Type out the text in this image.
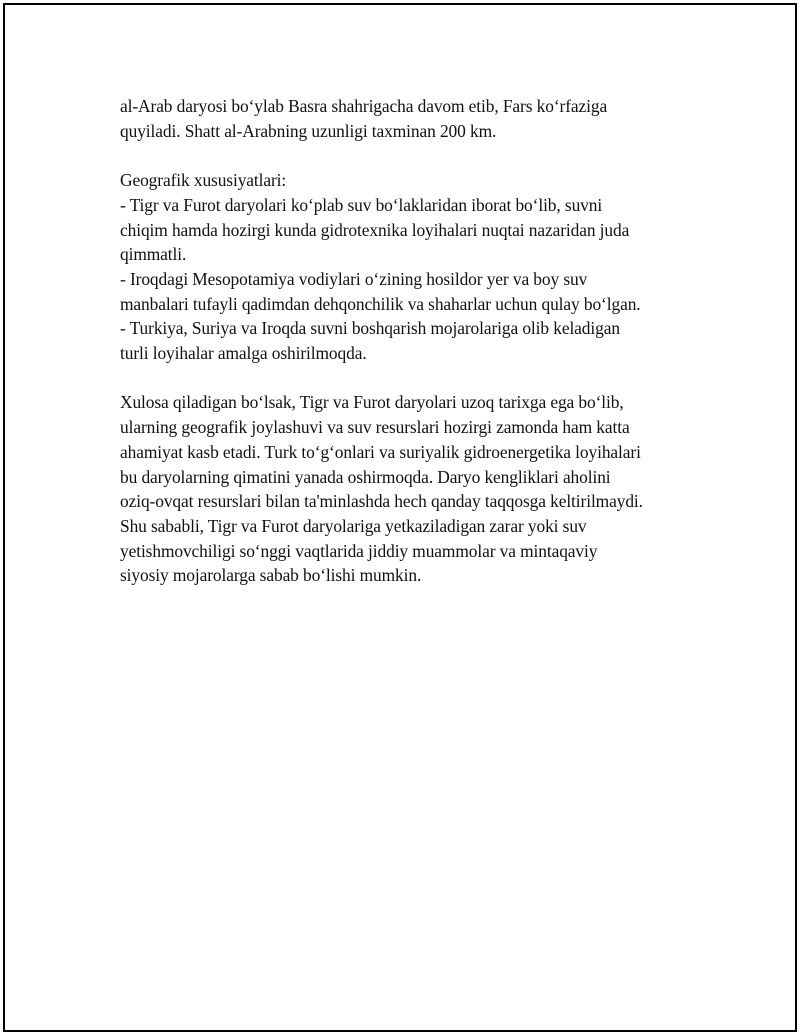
al-Arab daryosi bo‘ylab Basra shahrigacha davom etib, Fars ko‘rfaziga
quyiladi. Shatt al-Arabning uzunligi taxminan 200 km.
Geografik xususiyatlari:
- Tigr va Furot daryolari ko‘plab suv bo‘laklaridan iborat bo‘lib, suvni
chiqim hamda hozirgi kunda gidrotexnika loyihalari nuqtai nazaridan juda
qimmatli.
- Iroqdagi Mesopotamiya vodiylari o‘zining hosildor yer va boy suv
manbalari tufayli qadimdan dehqonchilik va shaharlar uchun qulay bo‘lgan.
- Turkiya, Suriya va Iroqda suvni boshqarish mojarolariga olib keladigan
turli loyihalar amalga oshirilmoqda.
Xulosa qiladigan bo‘lsak, Tigr va Furot daryolari uzoq tarixga ega bo‘lib,
ularning geografik joylashuvi va suv resurslari hozirgi zamonda ham katta
ahamiyat kasb etadi. Turk to‘g‘onlari va suriyalik gidroenergetika loyihalari
bu daryolarning qimatini yanada oshirmoqda. Daryo kengliklari aholini
oziq-ovqat resurslari bilan ta'minlashda hech qanday taqqosga keltirilmaydi.
Shu sababli, Tigr va Furot daryolariga yetkaziladigan zarar yoki suv
yetishmovchiligi so‘nggi vaqtlarida jiddiy muammolar va mintaqaviy
siyosiy mojarolarga sabab bo‘lishi mumkin.
